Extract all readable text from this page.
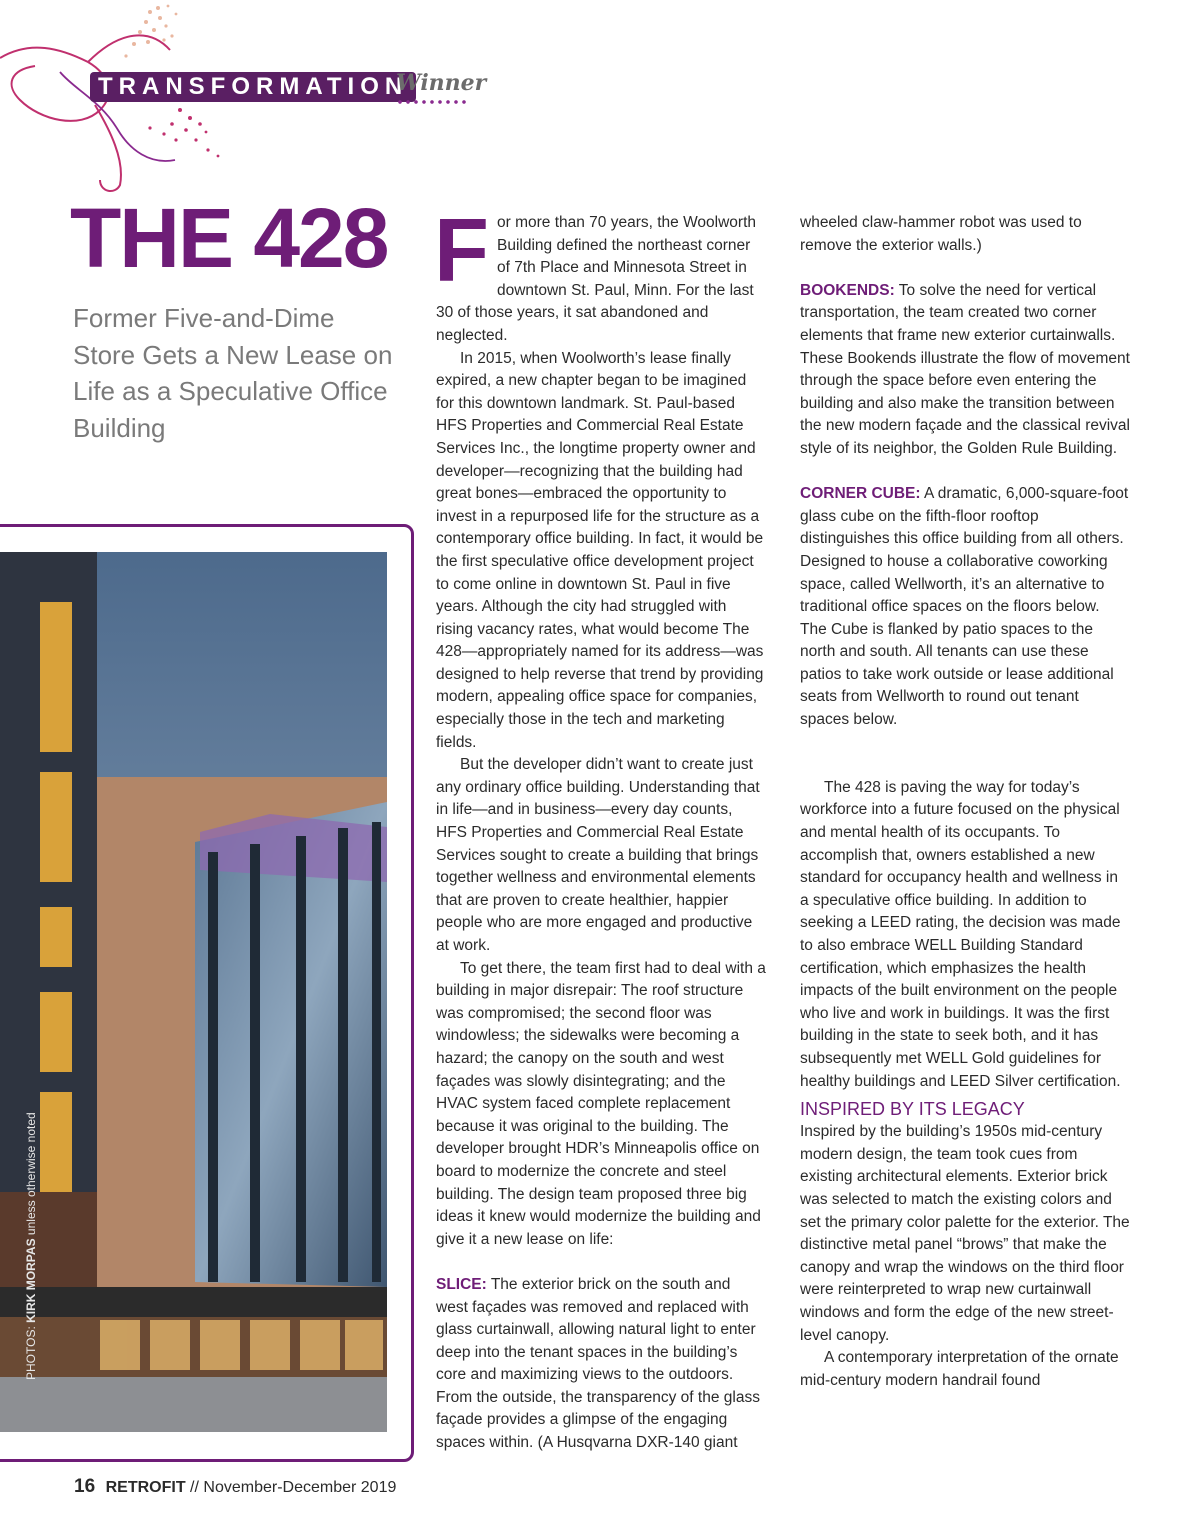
TRANSFORMATION
Winner
THE 428
Former Five-and-Dime Store Gets a New Lease on Life as a Speculative Office Building
PHOTOS: KIRK MORPAS unless otherwise noted

For more than 70 years, the Woolworth Building defined the northeast corner of 7th Place and Minnesota Street in downtown St. Paul, Minn. For the last 30 of those years, it sat abandoned and neglected.

In 2015, when Woolworth’s lease finally expired, a new chapter began to be imagined for this downtown landmark. St. Paul-based HFS Properties and Commercial Real Estate Services Inc., the longtime property owner and developer—recognizing that the building had great bones—embraced the opportunity to invest in a repurposed life for the structure as a contemporary office building. In fact, it would be the first speculative office development project to come online in downtown St. Paul in five years. Although the city had struggled with rising vacancy rates, what would become The 428—appropriately named for its address—was designed to help reverse that trend by providing modern, appealing office space for companies, especially those in the tech and marketing fields.

But the developer didn’t want to create just any ordinary office building. Understanding that in life—and in business—every day counts, HFS Properties and Commercial Real Estate Services sought to create a building that brings together wellness and environmental elements that are proven to create healthier, happier people who are more engaged and productive at work.

To get there, the team first had to deal with a building in major disrepair: The roof structure was compromised; the second floor was windowless; the sidewalks were becoming a hazard; the canopy on the south and west façades was slowly disintegrating; and the HVAC system faced complete replacement because it was original to the building. The developer brought HDR’s Minneapolis office on board to modernize the concrete and steel building. The design team proposed three big ideas it knew would modernize the building and give it a new lease on life:

SLICE: The exterior brick on the south and west façades was removed and replaced with glass curtainwall, allowing natural light to enter deep into the tenant spaces in the building’s core and maximizing views to the outdoors. From the outside, the transparency of the glass façade provides a glimpse of the engaging spaces within. (A Husqvarna DXR-140 giant

wheeled claw-hammer robot was used to remove the exterior walls.)

BOOKENDS: To solve the need for vertical transportation, the team created two corner elements that frame new exterior curtainwalls. These Bookends illustrate the flow of movement through the space before even entering the building and also make the transition between the new modern façade and the classical revival style of its neighbor, the Golden Rule Building.

CORNER CUBE: A dramatic, 6,000-square-foot glass cube on the fifth-floor rooftop distinguishes this office building from all others. Designed to house a collaborative coworking space, called Wellworth, it’s an alternative to traditional office spaces on the floors below. The Cube is flanked by patio spaces to the north and south. All tenants can use these patios to take work outside or lease additional seats from Wellworth to round out tenant spaces below.

The 428 is paving the way for today’s workforce into a future focused on the physical and mental health of its occupants. To accomplish that, owners established a new standard for occupancy health and wellness in a speculative office building. In addition to seeking a LEED rating, the decision was made to also embrace WELL Building Standard certification, which emphasizes the health impacts of the built environment on the people who live and work in buildings. It was the first building in the state to seek both, and it has subsequently met WELL Gold guidelines for healthy buildings and LEED Silver certification.

INSPIRED BY ITS LEGACY

Inspired by the building’s 1950s mid-century modern design, the team took cues from existing architectural elements. Exterior brick was selected to match the existing colors and set the primary color palette for the exterior. The distinctive metal panel “brows” that make the canopy and wrap the windows on the third floor were reinterpreted to wrap new curtainwall windows and form the edge of the new street-level canopy.

A contemporary interpretation of the ornate mid-century modern handrail found

16 RETROFIT // November-December 2019
